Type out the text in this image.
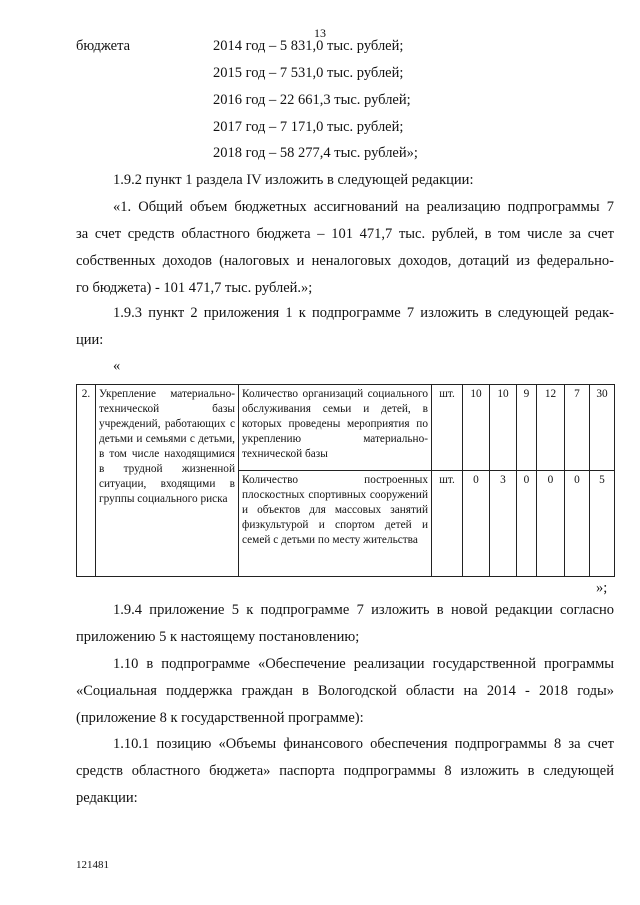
13
бюджета	2014 год – 5 831,0 тыс. рублей;
2015 год – 7 531,0 тыс. рублей;
2016 год – 22 661,3 тыс. рублей;
2017 год – 7 171,0 тыс. рублей;
2018 год – 58 277,4 тыс. рублей»;
1.9.2 пункт 1 раздела IV изложить в следующей редакции:
«1. Общий объем бюджетных ассигнований на реализацию подпрограммы 7
за счет средств областного бюджета – 101 471,7 тыс. рублей, в том числе за счет
собственных доходов (налоговых и неналоговых доходов, дотаций из федерально-
го бюджета) - 101 471,7 тыс. рублей.»;
1.9.3 пункт 2 приложения 1 к подпрограмме 7 изложить в следующей редак-
ции:
«
2.	Укрепление материально-технической базы учреждений, работающих с детьми и семьями с детьми, в том числе находящимися в трудной жизненной ситуации, входящими в группы социального риска	Количество организаций социального обслуживания семьи и детей, в которых проведены мероприятия по укреплению материально-технической базы	шт.	10	10	9	12	7	30
		Количество построенных плоскостных спортивных сооружений и объектов для массовых занятий физкультурой и спортом детей и семей с детьми по месту жительства	шт.	0	3	0	0	0	5
»;
1.9.4 приложение 5 к подпрограмме 7 изложить в новой редакции согласно
приложению 5 к настоящему постановлению;
1.10 в подпрограмме «Обеспечение реализации государственной программы
«Социальная поддержка граждан в Вологодской области на 2014 - 2018 годы»
(приложение 8 к государственной программе):
1.10.1 позицию «Объемы финансового обеспечения подпрограммы 8 за счет
средств областного бюджета» паспорта подпрограммы 8 изложить в следующей
редакции:
121481
